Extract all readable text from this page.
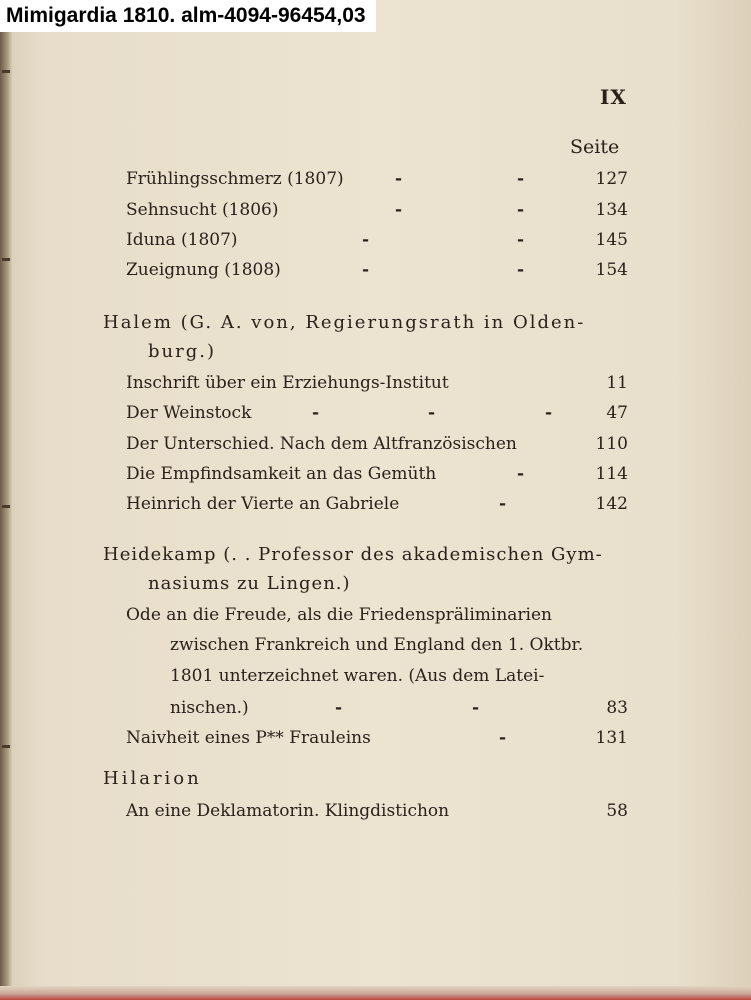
IX
Seite
Frühlingsschmerz (1807)	-	-	127
Sehnsucht (1806)	-	-	134
Iduna (1807)	-	-	145
Zueignung (1808)	-	-	154
Halem (G. A. von, Regierungsrath in Olden-
burg.)
Inschrift über ein Erziehungs-Institut	11
Der Weinstock	-	-	-	47
Der Unterschied. Nach dem Altfranzösischen	110
Die Empfindsamkeit an das Gemüth	-	114
Heinrich der Vierte an Gabriele	-	142
Heidekamp (. . Professor des akademischen Gym-
nasiums zu Lingen.)
Ode an die Freude, als die Friedenspräliminarien
zwischen Frankreich und England den 1. Oktbr.
1801 unterzeichnet waren. (Aus dem Latei-
nischen.)	-	-	83
Naivheit eines P** Frauleins	-	131
Hilarion
An eine Deklamatorin. Klingdistichon	58
Mimigardia 1810. alm-4094-96454,03
